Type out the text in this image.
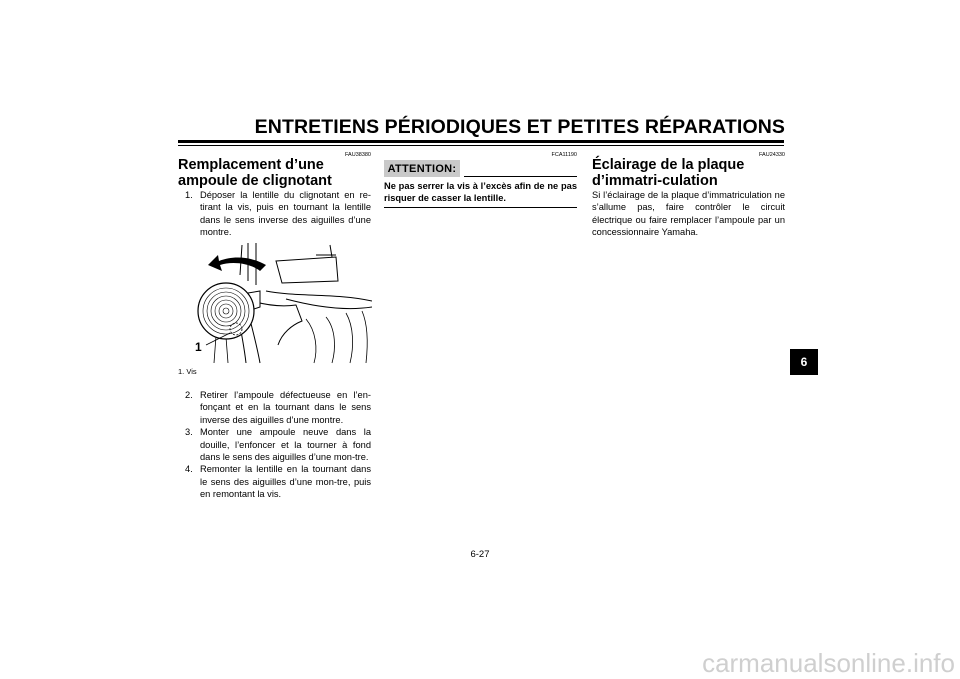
ENTRETIENS PÉRIODIQUES ET PETITES RÉPARATIONS
FAU38380
Remplacement d’une ampoule de clignotant
1. Déposer la lentille du clignotant en re-tirant la vis, puis en tournant la lentille dans le sens inverse des aiguilles d’une montre.
1
1. Vis
2. Retirer l’ampoule défectueuse en l’en-fonçant et en la tournant dans le sens inverse des aiguilles d’une montre.
3. Monter une ampoule neuve dans la douille, l’enfoncer et la tourner à fond dans le sens des aiguilles d’une mon-tre.
4. Remonter la lentille en la tournant dans le sens des aiguilles d’une mon-tre, puis en remontant la vis.
FCA11190
ATTENTION:
Ne pas serrer la vis à l’excès afin de ne pas risquer de casser la lentille.
FAU24330
Éclairage de la plaque d’immatri-culation
Si l’éclairage de la plaque d’immatriculation ne s’allume pas, faire contrôler le circuit électrique ou faire remplacer l’ampoule par un concessionnaire Yamaha.
6
6-27
carmanualsonline.info
